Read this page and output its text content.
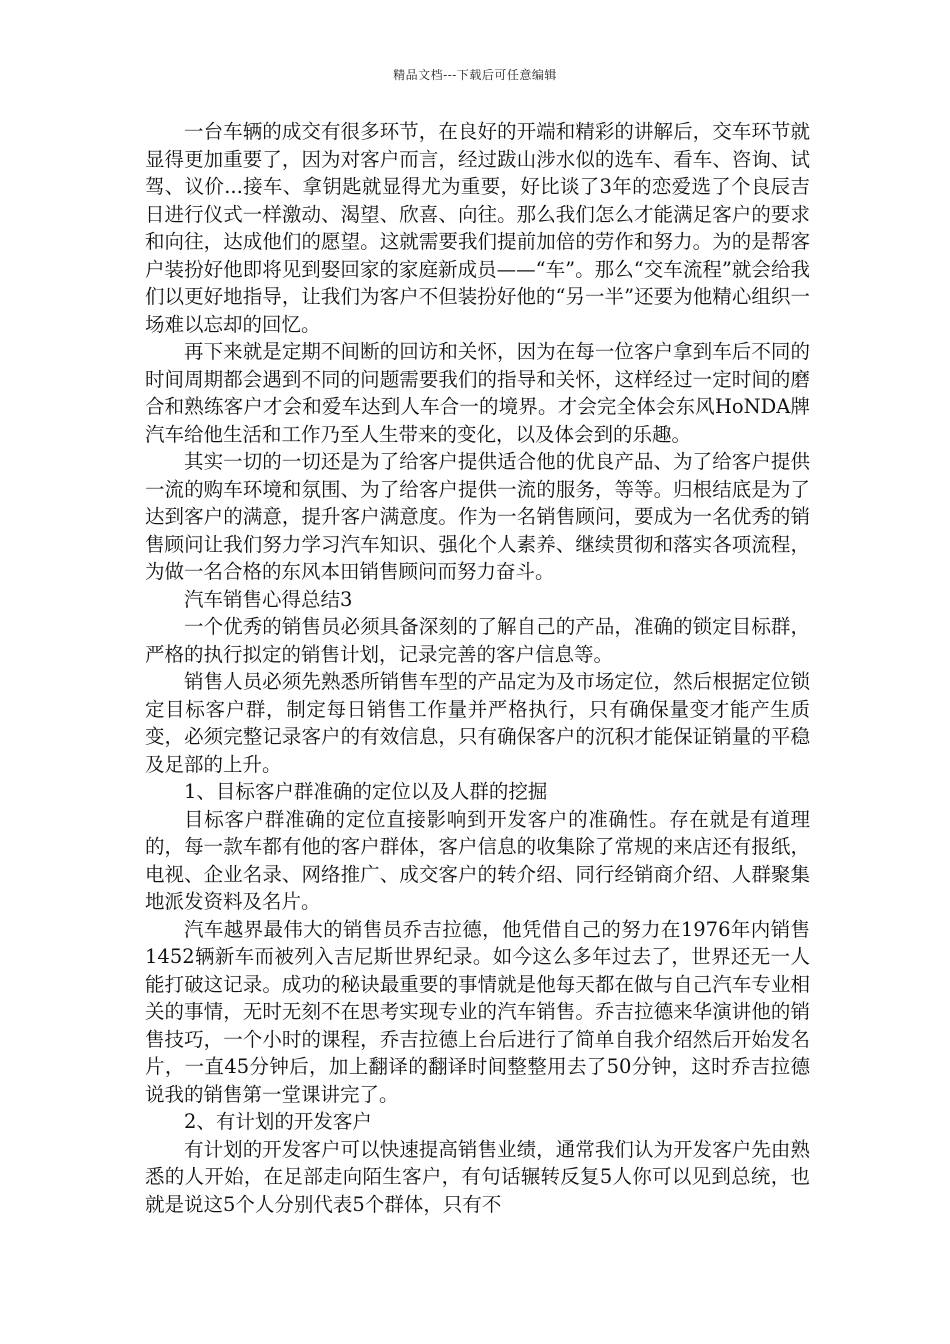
精品文档---下载后可任意编辑

一台车辆的成交有很多环节，在良好的开端和精彩的讲解后，交车环节就显得更加重要了，因为对客户而言，经过跋山涉水似的选车、看车、咨询、试驾、议价...接车、拿钥匙就显得尤为重要，好比谈了3年的恋爱选了个良辰吉日进行仪式一样激动、渴望、欣喜、向往。那么我们怎么才能满足客户的要求和向往，达成他们的愿望。这就需要我们提前加倍的劳作和努力。为的是帮客户装扮好他即将见到娶回家的家庭新成员——“车”。那么“交车流程”就会给我们以更好地指导，让我们为客户不但装扮好他的“另一半”还要为他精心组织一场难以忘却的回忆。

再下来就是定期不间断的回访和关怀，因为在每一位客户拿到车后不同的时间周期都会遇到不同的问题需要我们的指导和关怀，这样经过一定时间的磨合和熟练客户才会和爱车达到人车合一的境界。才会完全体会东风HoNDA牌汽车给他生活和工作乃至人生带来的变化，以及体会到的乐趣。

其实一切的一切还是为了给客户提供适合他的优良产品、为了给客户提供一流的购车环境和氛围、为了给客户提供一流的服务，等等。归根结底是为了达到客户的满意，提升客户满意度。作为一名销售顾问，要成为一名优秀的销售顾问让我们努力学习汽车知识、强化个人素养、继续贯彻和落实各项流程，为做一名合格的东风本田销售顾问而努力奋斗。

汽车销售心得总结3

一个优秀的销售员必须具备深刻的了解自己的产品，准确的锁定目标群，严格的执行拟定的销售计划，记录完善的客户信息等。

销售人员必须先熟悉所销售车型的产品定为及市场定位，然后根据定位锁定目标客户群，制定每日销售工作量并严格执行，只有确保量变才能产生质变，必须完整记录客户的有效信息，只有确保客户的沉积才能保证销量的平稳及足部的上升。

1、目标客户群准确的定位以及人群的挖掘

目标客户群准确的定位直接影响到开发客户的准确性。存在就是有道理的，每一款车都有他的客户群体，客户信息的收集除了常规的来店还有报纸，电视、企业名录、网络推广、成交客户的转介绍、同行经销商介绍、人群聚集地派发资料及名片。

汽车越界最伟大的销售员乔吉拉德，他凭借自己的努力在1976年内销售1452辆新车而被列入吉尼斯世界纪录。如今这么多年过去了，世界还无一人能打破这记录。成功的秘诀最重要的事情就是他每天都在做与自己汽车专业相关的事情，无时无刻不在思考实现专业的汽车销售。乔吉拉德来华演讲他的销售技巧，一个小时的课程，乔吉拉德上台后进行了简单自我介绍然后开始发名片，一直45分钟后，加上翻译的翻译时间整整用去了50分钟，这时乔吉拉德说我的销售第一堂课讲完了。

2、有计划的开发客户

有计划的开发客户可以快速提高销售业绩，通常我们认为开发客户先由熟悉的人开始，在足部走向陌生客户，有句话辗转反复5人你可以见到总统，也就是说这5个人分别代表5个群体，只有不
